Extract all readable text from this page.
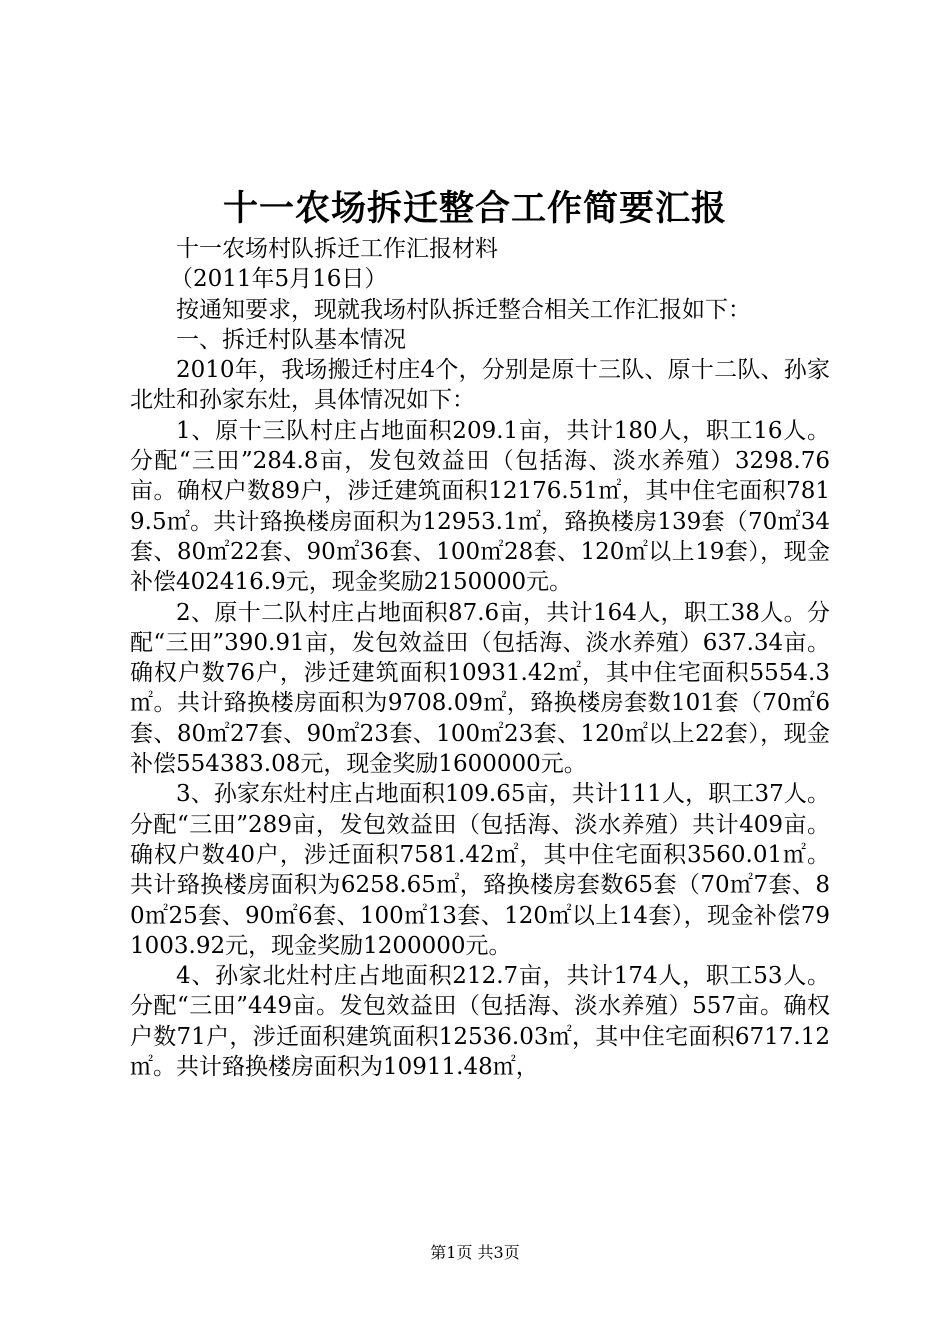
十一农场拆迁整合工作简要汇报

十一农场村队拆迁工作汇报材料

（2011年5月16日）

按通知要求，现就我场村队拆迁整合相关工作汇报如下：

一、拆迁村队基本情况

2010年，我场搬迁村庄4个，分别是原十三队、原十二队、孙家北灶和孙家东灶，具体情况如下：

1、原十三队村庄占地面积209.1亩，共计180人，职工16人。分配“三田”284.8亩，发包效益田（包括海、淡水养殖）3298.76亩。确权户数89户，涉迁建筑面积12176.51㎡，其中住宅面积7819.5㎡。共计臵换楼房面积为12953.1㎡，臵换楼房139套（70㎡34套、80㎡22套、90㎡36套、100㎡28套、120㎡以上19套），现金补偿402416.9元，现金奖励2150000元。

2、原十二队村庄占地面积87.6亩，共计164人，职工38人。分配“三田”390.91亩，发包效益田（包括海、淡水养殖）637.34亩。确权户数76户，涉迁建筑面积10931.42㎡，其中住宅面积5554.3㎡。共计臵换楼房面积为9708.09㎡，臵换楼房套数101套（70㎡6套、80㎡27套、90㎡23套、100㎡23套、120㎡以上22套），现金补偿554383.08元，现金奖励1600000元。

3、孙家东灶村庄占地面积109.65亩，共计111人，职工37人。分配“三田”289亩，发包效益田（包括海、淡水养殖）共计409亩。确权户数40户，涉迁面积7581.42㎡，其中住宅面积3560.01㎡。共计臵换楼房面积为6258.65㎡，臵换楼房套数65套（70㎡7套、80㎡25套、90㎡6套、100㎡13套、120㎡以上14套），现金补偿791003.92元，现金奖励1200000元。

4、孙家北灶村庄占地面积212.7亩，共计174人，职工53人。分配“三田”449亩。发包效益田（包括海、淡水养殖）557亩。确权户数71户，涉迁面积建筑面积12536.03㎡，其中住宅面积6717.12㎡。共计臵换楼房面积为10911.48㎡，

第1页 共3页
